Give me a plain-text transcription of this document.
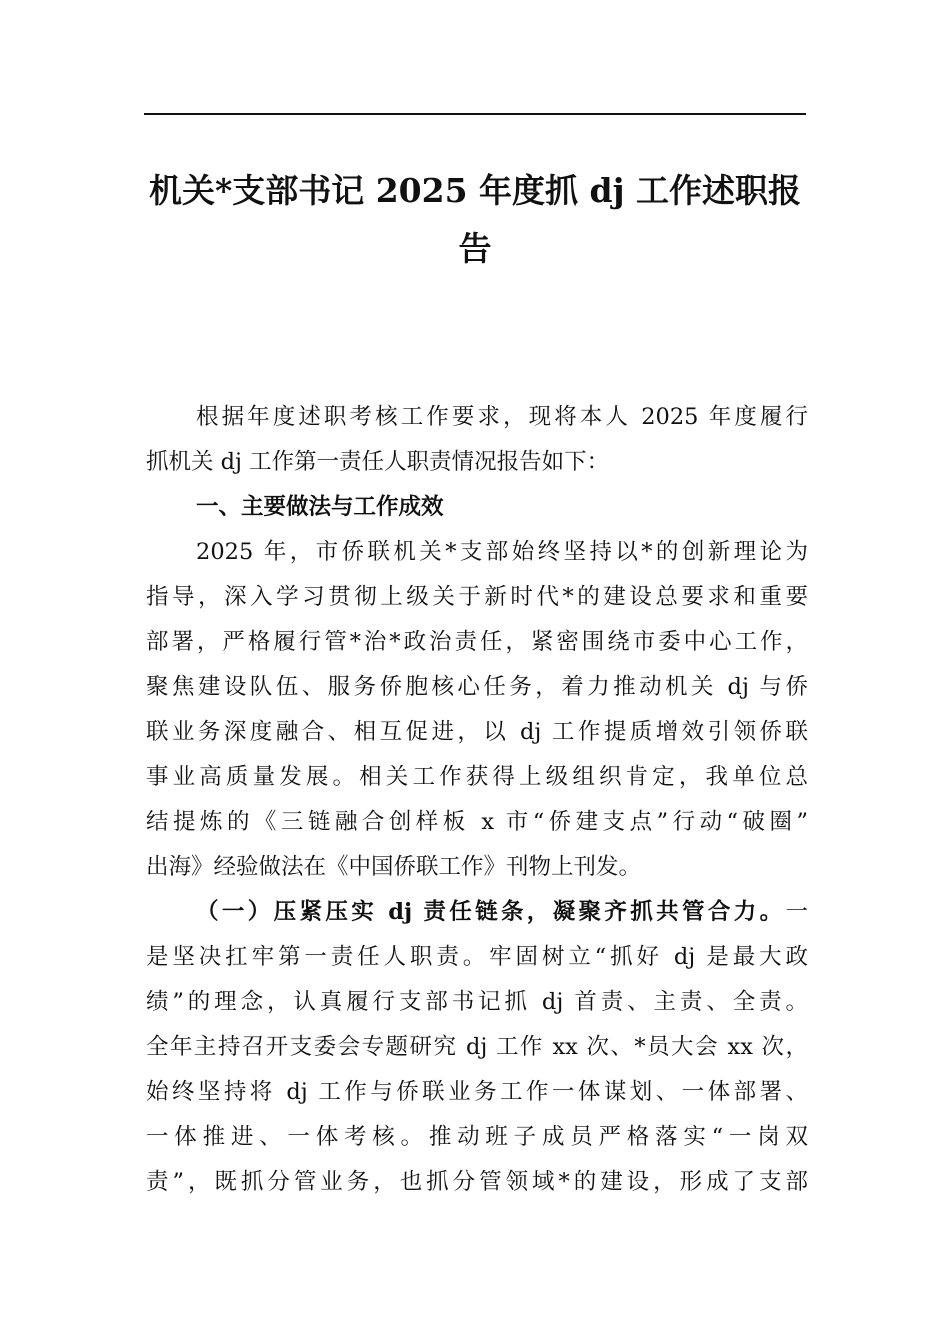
机关*支部书记 2025 年度抓 dj 工作述职报
告
根据年度述职考核工作要求，现将本人 2025 年度履行
抓机关 dj 工作第一责任人职责情况报告如下：
一、主要做法与工作成效
2025 年，市侨联机关*支部始终坚持以*的创新理论为
指导，深入学习贯彻上级关于新时代*的建设总要求和重要
部署，严格履行管*治*政治责任，紧密围绕市委中心工作，
聚焦建设队伍、服务侨胞核心任务，着力推动机关 dj 与侨
联业务深度融合、相互促进，以 dj 工作提质增效引领侨联
事业高质量发展。相关工作获得上级组织肯定，我单位总
结提炼的《三链融合创样板 x 市“侨建支点”行动“破圈”
出海》经验做法在《中国侨联工作》刊物上刊发。
（一）压紧压实 dj 责任链条，凝聚齐抓共管合力。一
是坚决扛牢第一责任人职责。牢固树立“抓好 dj 是最大政
绩”的理念，认真履行支部书记抓 dj 首责、主责、全责。
全年主持召开支委会专题研究 dj 工作 xx 次、*员大会 xx 次，
始终坚持将 dj 工作与侨联业务工作一体谋划、一体部署、
一体推进、一体考核。推动班子成员严格落实“一岗双
责”，既抓分管业务，也抓分管领域*的建设，形成了支部
